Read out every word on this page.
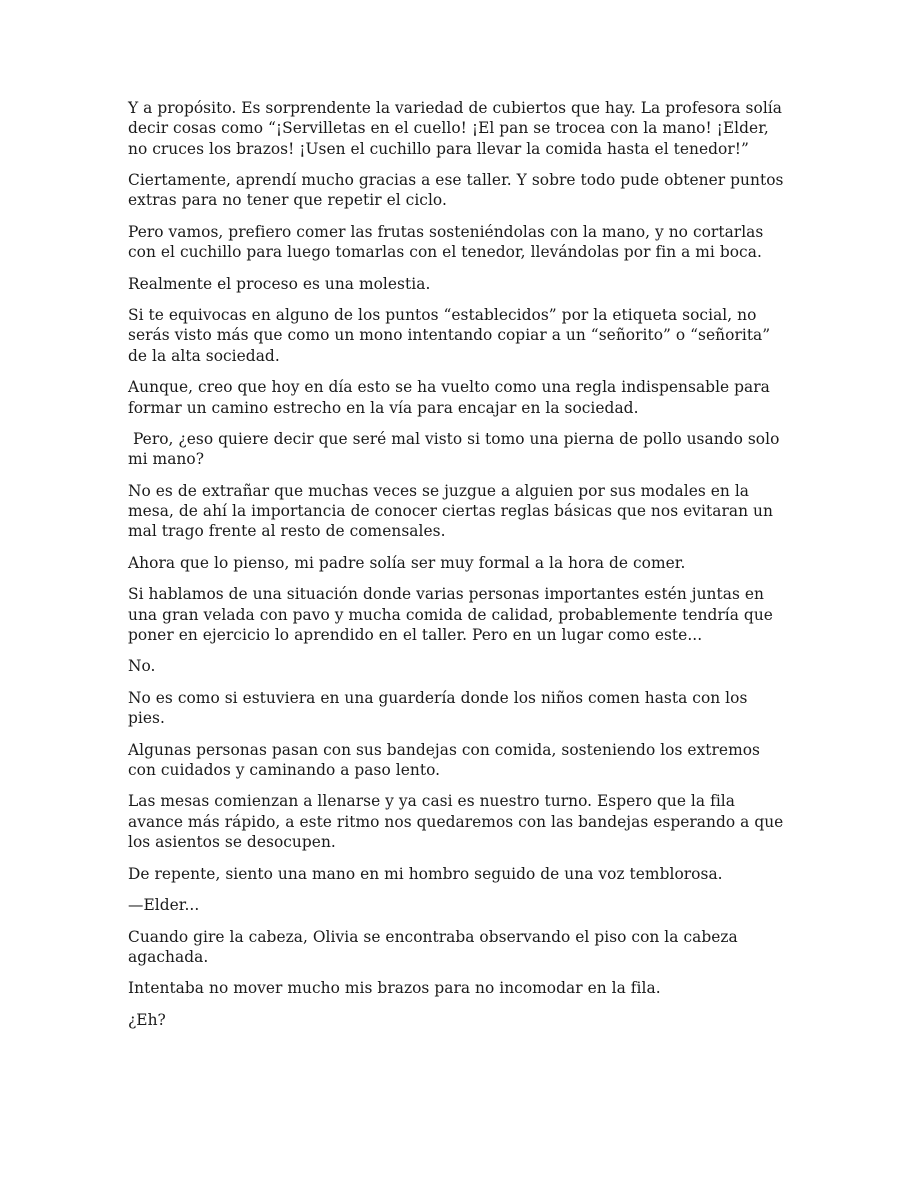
Y a propósito. Es sorprendente la variedad de cubiertos que hay. La profesora solía decir cosas como “¡Servilletas en el cuello! ¡El pan se trocea con la mano! ¡Elder, no cruces los brazos! ¡Usen el cuchillo para llevar la comida hasta el tenedor!”

Ciertamente, aprendí mucho gracias a ese taller. Y sobre todo pude obtener puntos extras para no tener que repetir el ciclo.

Pero vamos, prefiero comer las frutas sosteniéndolas con la mano, y no cortarlas con el cuchillo para luego tomarlas con el tenedor, llevándolas por fin a mi boca.

Realmente el proceso es una molestia.

Si te equivocas en alguno de los puntos “establecidos” por la etiqueta social, no serás visto más que como un mono intentando copiar a un “señorito” o “señorita” de la alta sociedad.

Aunque, creo que hoy en día esto se ha vuelto como una regla indispensable para formar un camino estrecho en la vía para encajar en la sociedad.

Pero, ¿eso quiere decir que seré mal visto si tomo una pierna de pollo usando solo mi mano?

No es de extrañar que muchas veces se juzgue a alguien por sus modales en la mesa, de ahí la importancia de conocer ciertas reglas básicas que nos evitaran un mal trago frente al resto de comensales.

Ahora que lo pienso, mi padre solía ser muy formal a la hora de comer.

Si hablamos de una situación donde varias personas importantes estén juntas en una gran velada con pavo y mucha comida de calidad, probablemente tendría que poner en ejercicio lo aprendido en el taller. Pero en un lugar como este...

No.

No es como si estuviera en una guardería donde los niños comen hasta con los pies.

Algunas personas pasan con sus bandejas con comida, sosteniendo los extremos con cuidados y caminando a paso lento.

Las mesas comienzan a llenarse y ya casi es nuestro turno. Espero que la fila avance más rápido, a este ritmo nos quedaremos con las bandejas esperando a que los asientos se desocupen.

De repente, siento una mano en mi hombro seguido de una voz temblorosa.

—Elder...

Cuando gire la cabeza, Olivia se encontraba observando el piso con la cabeza agachada.

Intentaba no mover mucho mis brazos para no incomodar en la fila.

¿Eh?
